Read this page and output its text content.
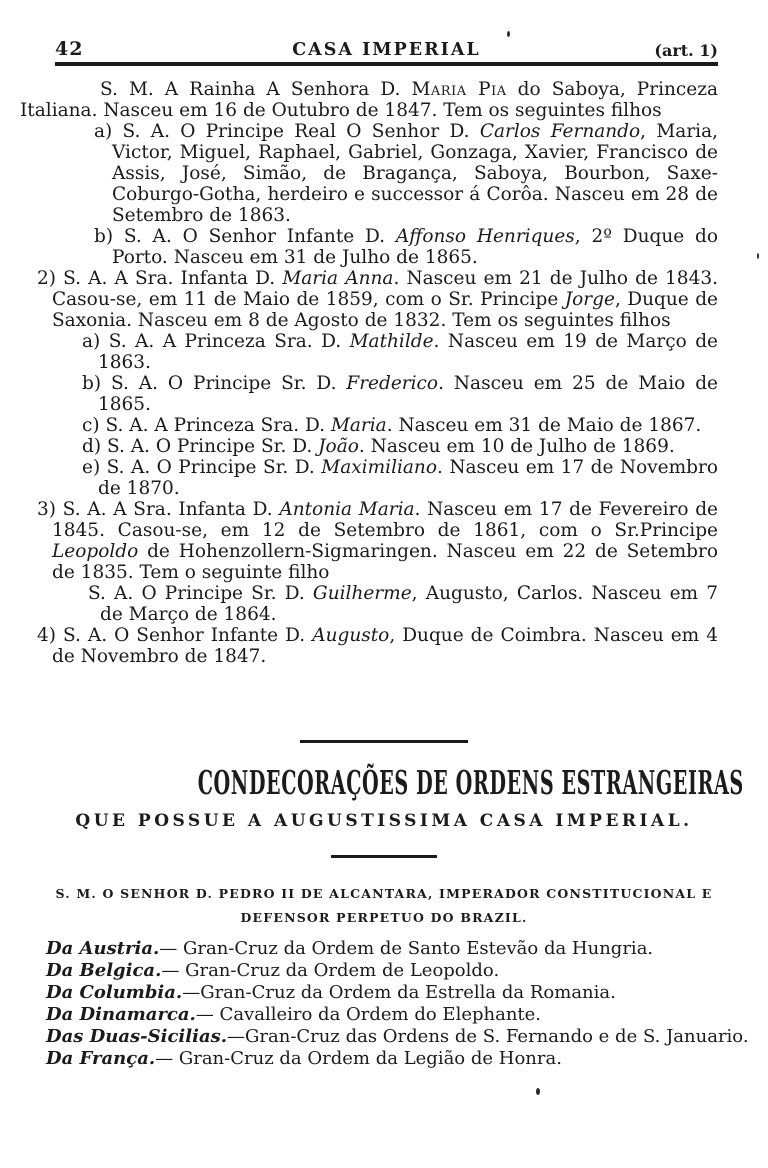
42	CASA IMPERIAL	(art. 1)

S. M. A Rainha A Senhora D. Maria Pia do Saboya, Princeza Italiana. Nasceu em 16 de Outubro de 1847. Tem os seguintes filhos

a) S. A. O Principe Real O Senhor D. Carlos Fernando, Maria, Victor, Miguel, Raphael, Gabriel, Gonzaga, Xavier, Francisco de Assis, José, Simão, de Bragança, Saboya, Bourbon, Saxe-Coburgo-Gotha, herdeiro e successor á Corôa. Nasceu em 28 de Setembro de 1863.

b) S. A. O Senhor Infante D. Affonso Henriques, 2º Duque do Porto. Nasceu em 31 de Julho de 1865.

2) S. A. A Sra. Infanta D. Maria Anna. Nasceu em 21 de Julho de 1843. Casou-se, em 11 de Maio de 1859, com o Sr. Principe Jorge, Duque de Saxonia. Nasceu em 8 de Agosto de 1832. Tem os seguintes filhos

a) S. A. A Princeza Sra. D. Mathilde. Nasceu em 19 de Março de 1863.

b) S. A. O Principe Sr. D. Frederico. Nasceu em 25 de Maio de 1865.

c) S. A. A Princeza Sra. D. Maria. Nasceu em 31 de Maio de 1867.

d) S. A. O Principe Sr. D. João. Nasceu em 10 de Julho de 1869.

e) S. A. O Principe Sr. D. Maximiliano. Nasceu em 17 de Novembro de 1870.

3) S. A. A Sra. Infanta D. Antonia Maria. Nasceu em 17 de Fevereiro de 1845. Casou-se, em 12 de Setembro de 1861, com o Sr.Principe Leopoldo de Hohenzollern-Sigmaringen. Nasceu em 22 de Setembro de 1835. Tem o seguinte filho

S. A. O Principe Sr. D. Guilherme, Augusto, Carlos. Nasceu em 7 de Março de 1864.

4) S. A. O Senhor Infante D. Augusto, Duque de Coimbra. Nasceu em 4 de Novembro de 1847.

CONDECORAÇÕES DE ORDENS ESTRANGEIRAS
QUE POSSUE A AUGUSTISSIMA CASA IMPERIAL.
S. M. O SENHOR D. PEDRO II DE ALCANTARA, IMPERADOR CONSTITUCIONAL E
DEFENSOR PERPETUO DO BRAZIL.

Da Austria.— Gran-Cruz da Ordem de Santo Estevão da Hungria.

Da Belgica.— Gran-Cruz da Ordem de Leopoldo.

Da Columbia.—Gran-Cruz da Ordem da Estrella da Romania.

Da Dinamarca.— Cavalleiro da Ordem do Elephante.

Das Duas-Sicilias.—Gran-Cruz das Ordens de S. Fernando e de S. Januario.

Da França.— Gran-Cruz da Ordem da Legião de Honra.
